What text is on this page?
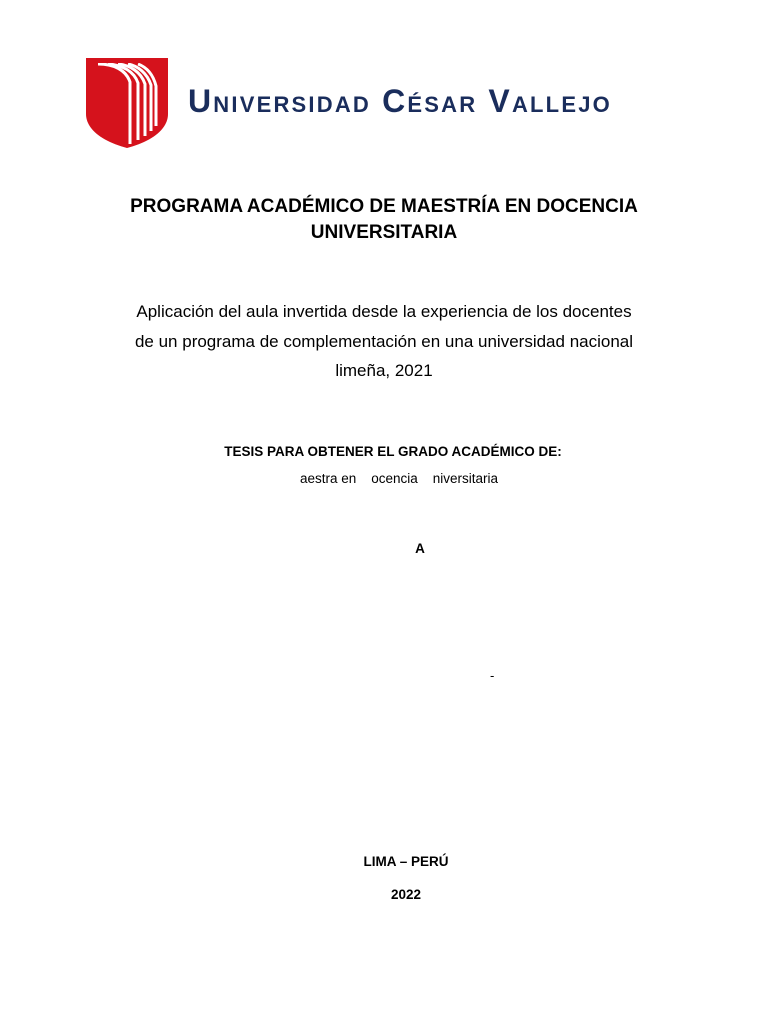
Universidad César Vallejo
PROGRAMA ACADÉMICO DE MAESTRÍA EN DOCENCIA UNIVERSITARIA
Aplicación del aula invertida desde la experiencia de los docentes
de un programa de complementación en una universidad nacional
limeña, 2021
TESIS PARA OBTENER EL GRADO ACADÉMICO DE:
aestra en    ocencia    niversitaria
A
-
LIMA – PERÚ
2022
